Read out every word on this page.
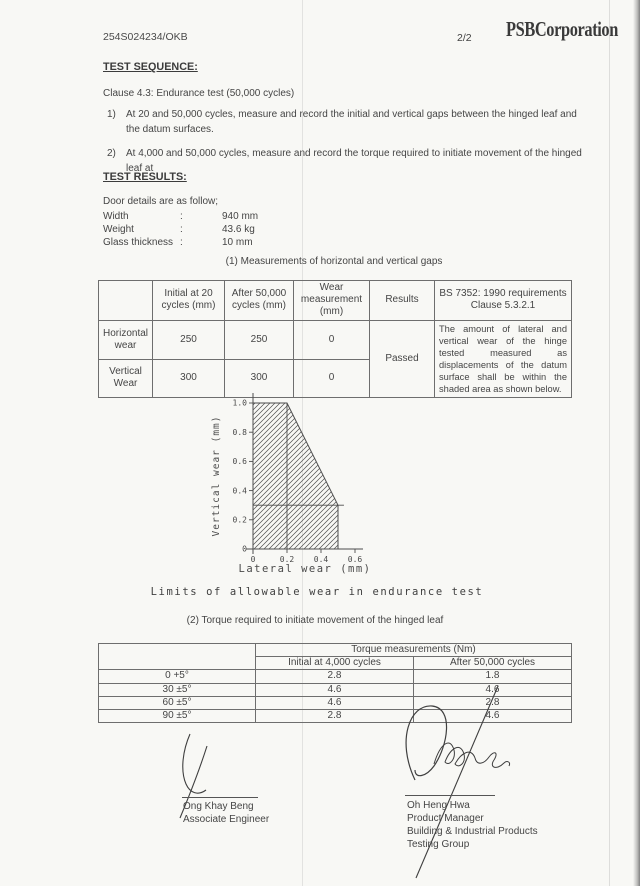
254S024234/OKB	2/2 PSBCorporation
TEST SEQUENCE:
Clause 4.3: Endurance test (50,000 cycles)
1)	At 20 and 50,000 cycles, measure and record the initial and vertical gaps between the hinged leaf and the datum surfaces.
2)	At 4,000 and 50,000 cycles, measure and record the torque required to initiate movement of the hinged leaf at
TEST RESULTS:
Door details are as follow;
Width	:	940 mm
Weight	:	43.6 kg
Glass thickness :	10 mm
(1) Measurements of horizontal and vertical gaps
	Initial at 20 cycles (mm)	After 50,000 cycles (mm)	Wear measurement (mm)	Results	BS 7352: 1990 requirements Clause 5.3.2.1
Horizontal wear	250	250	0	Passed	The amount of lateral and vertical wear of the hinge tested measured as displacements of the datum surface shall be within the shaded area as shown below.
Vertical Wear	300	300	0		
0
0.2
0.4
0.6
0.8
1.0
0	0.2 0.4 0.6
Vertical wear (mm)
Lateral wear (mm)
Limits of allowable wear in endurance test
(2) Torque required to initiate movement of the hinged leaf
	Torque measurements (Nm)	
	Initial at 4,000 cycles	After 50,000 cycles
0 +5°	2.8	1.8
30 ±5°	4.6	4.6
60 ±5°	4.6	2.8
90 ±5°	2.8	4.6
Ong Khay Beng
Associate Engineer
Oh Heng Hwa
Product Manager
Building & Industrial Products
Testing Group
